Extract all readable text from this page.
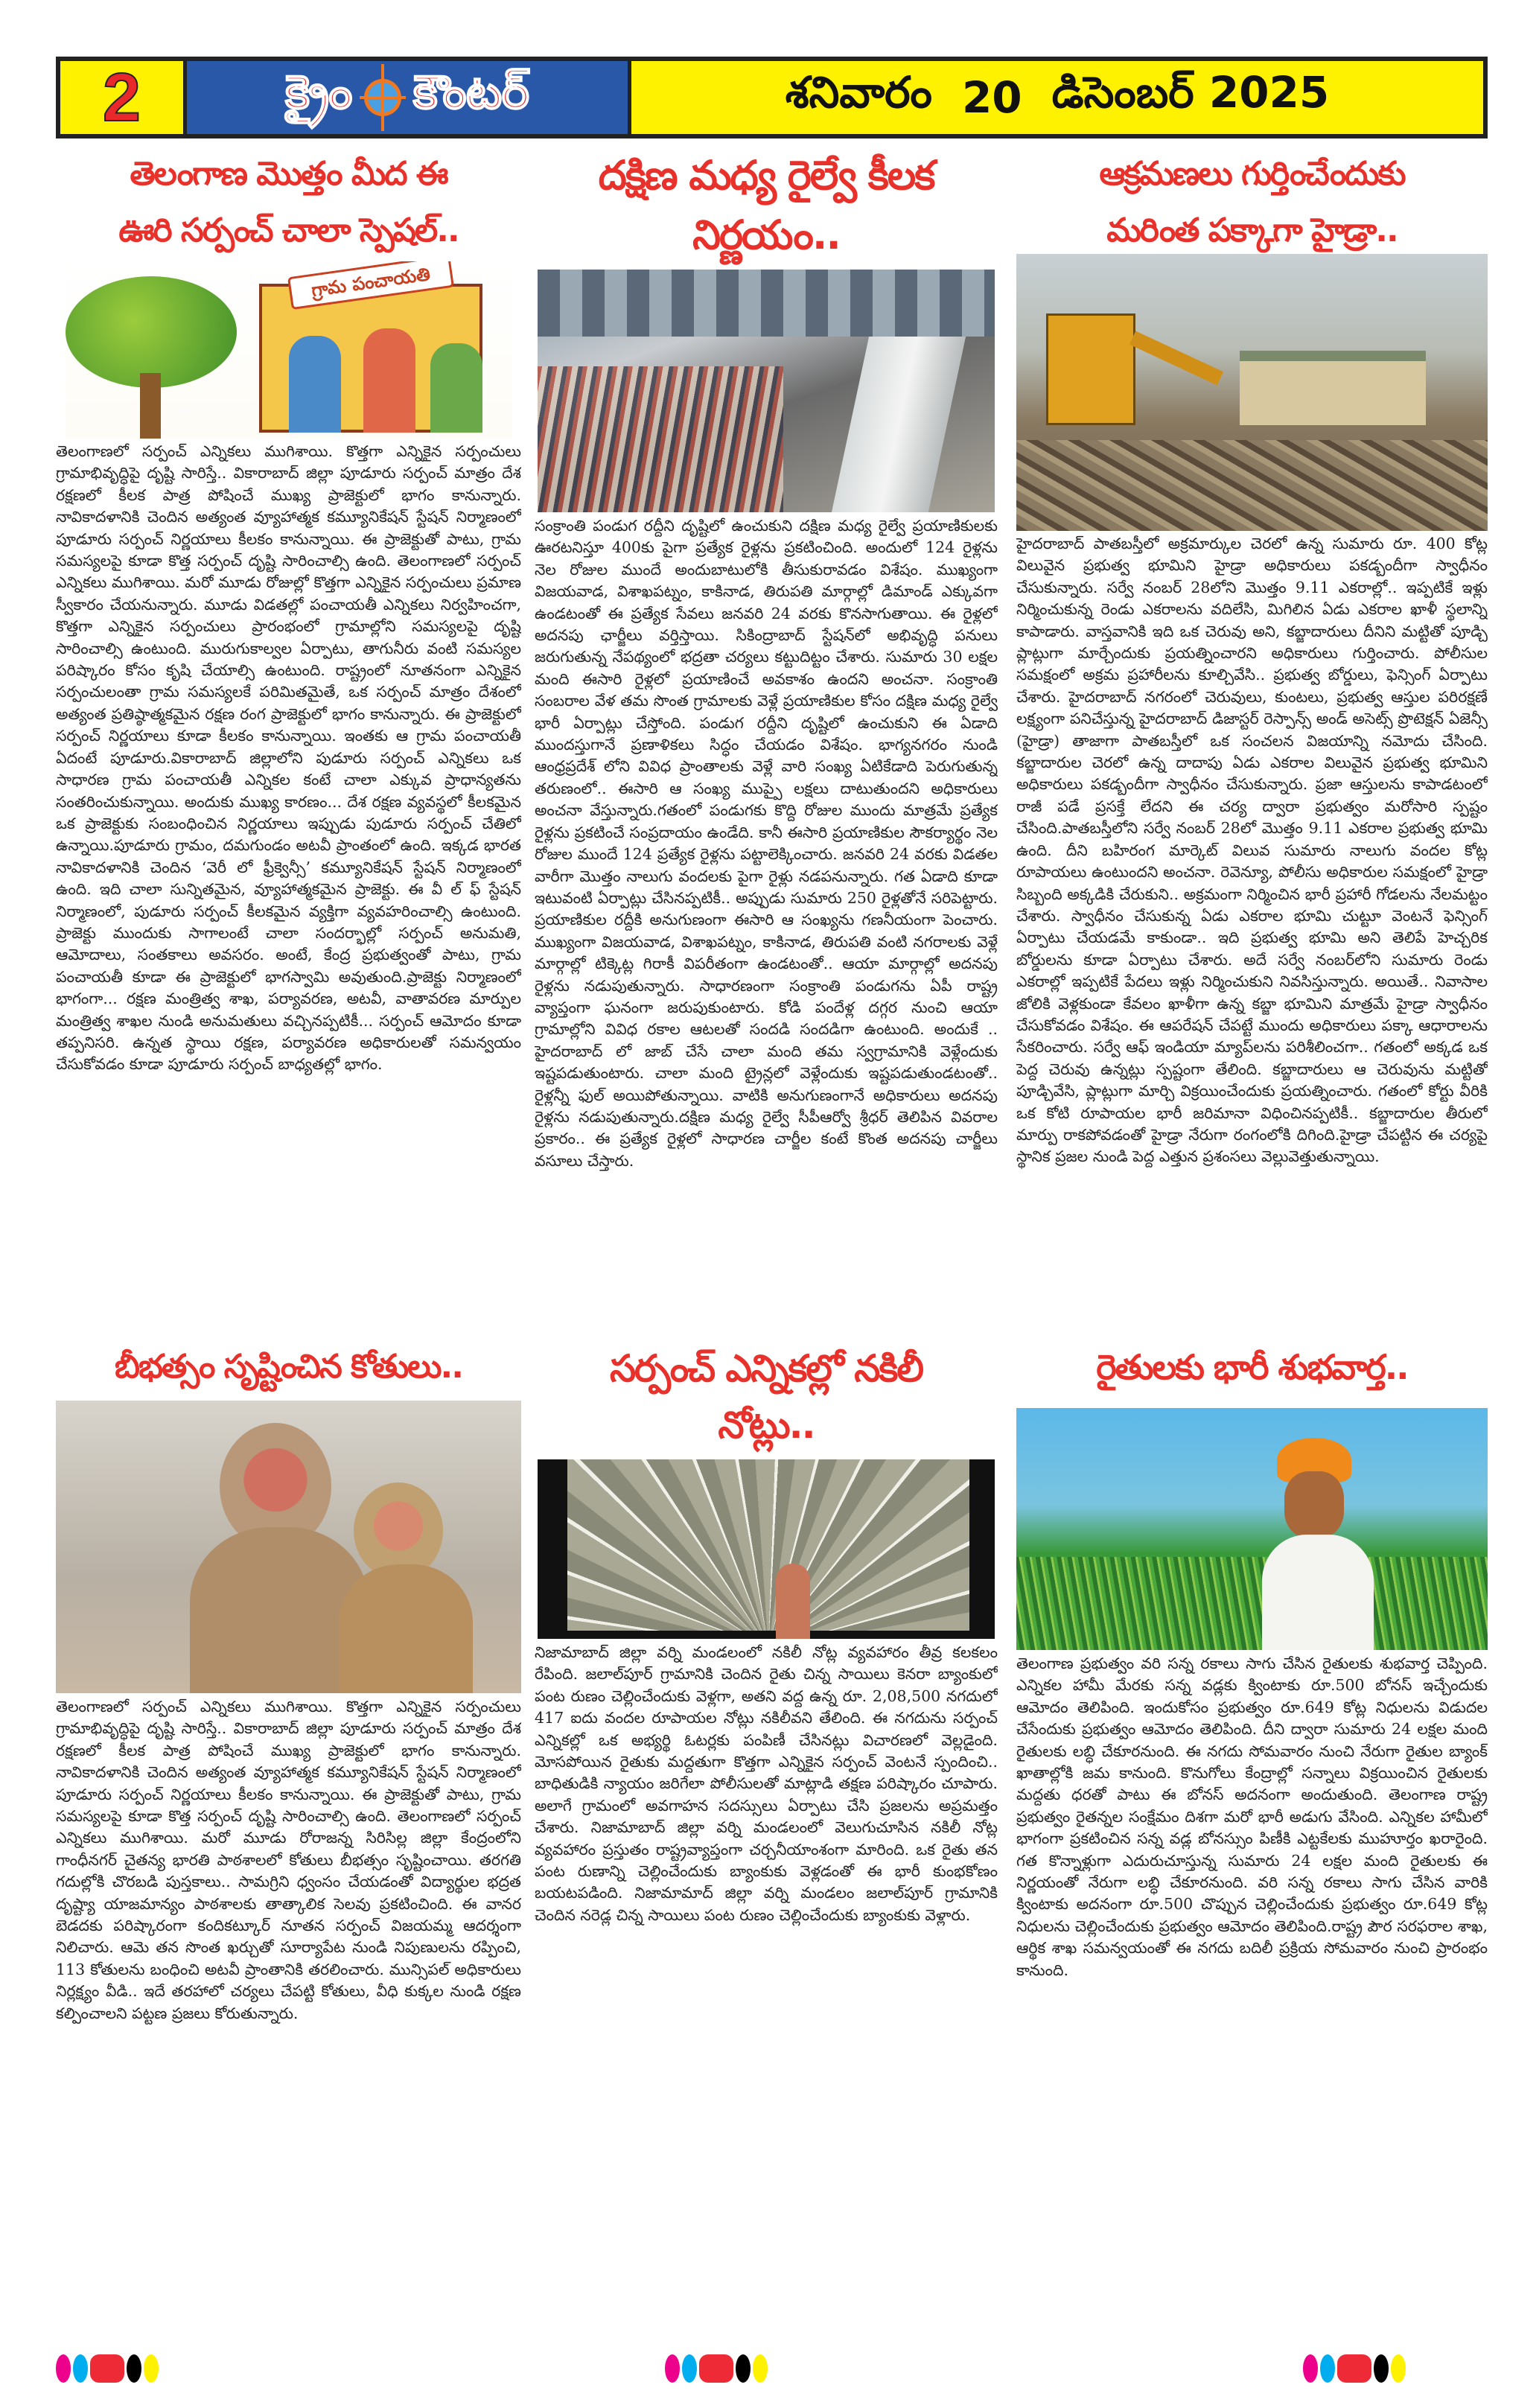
2	క్రైం కౌంటర్	శనివారం 20 డిసెంబర్ 2025
తెలంగాణ మొత్తం మీద ఈ
ఊరి సర్పంచ్ చాలా స్పెషల్..
గ్రామ పంచాయతి

తెలంగాణలో సర్పంచ్ ఎన్నికలు ముగిశాయి. కొత్తగా ఎన్నికైన సర్పంచులు గ్రామాభివృద్ధిపై దృష్టి సారిస్తే.. వికారాబాద్ జిల్లా పూడూరు సర్పంచ్ మాత్రం దేశ రక్షణలో కీలక పాత్ర పోషించే ముఖ్య ప్రాజెక్టులో భాగం కానున్నారు. నావికాదళానికి చెందిన అత్యంత వ్యూహాత్మక కమ్యూనికేషన్ స్టేషన్ నిర్మాణంలో పూడూరు సర్పంచ్ నిర్ణయాలు కీలకం కానున్నాయి. ఈ ప్రాజెక్టుతో పాటు, గ్రామ సమస్యలపై కూడా కొత్త సర్పంచ్ దృష్టి సారించాల్సి ఉంది. తెలంగాణలో సర్పంచ్ ఎన్నికలు ముగిశాయి. మరో మూడు రోజుల్లో కొత్తగా ఎన్నికైన సర్పంచులు ప్రమాణ స్వీకారం చేయనున్నారు. మూడు విడతల్లో పంచాయతీ ఎన్నికలు నిర్వహించగా, కొత్తగా ఎన్నికైన సర్పంచులు ప్రారంభంలో గ్రామాల్లోని సమస్యలపై దృష్టి సారించాల్సి ఉంటుంది. మురుగుకాల్వల ఏర్పాటు, తాగునీరు వంటి సమస్యల పరిష్కారం కోసం కృషి చేయాల్సి ఉంటుంది. రాష్ట్రంలో నూతనంగా ఎన్నికైన సర్పంచులంతా గ్రామ సమస్యలకే పరిమితమైతే, ఒక సర్పంచ్ మాత్రం దేశంలో అత్యంత ప్రతిష్ఠాత్మకమైన రక్షణ రంగ ప్రాజెక్టులో భాగం కానున్నారు. ఈ ప్రాజెక్టులో సర్పంచ్ నిర్ణయాలు కూడా కీలకం కానున్నాయి. ఇంతకు ఆ గ్రామ పంచాయతీ ఏదంటే పూడూరు.వికారాబాద్ జిల్లాలోని పుడూరు సర్పంచ్ ఎన్నికలు ఒక సాధారణ గ్రామ పంచాయతీ ఎన్నికల కంటే చాలా ఎక్కువ ప్రాధాన్యతను సంతరించుకున్నాయి. అందుకు ముఖ్య కారణం... దేశ రక్షణ వ్యవస్థలో కీలకమైన ఒక ప్రాజెక్టుకు సంబంధించిన నిర్ణయాలు ఇప్పుడు పుడూరు సర్పంచ్ చేతిలో ఉన్నాయి.పూడూరు గ్రామం, దమగుండం అటవీ ప్రాంతంలో ఉంది. ఇక్కడ భారత నావికాదళానికి చెందిన ‘వెరీ లో ఫ్రీక్వెన్సీ’ కమ్యూనికేషన్ స్టేషన్ నిర్మాణంలో ఉంది. ఇది చాలా సున్నితమైన, వ్యూహాత్మకమైన ప్రాజెక్టు. ఈ వీ ల్ ఫ్ స్టేషన్ నిర్మాణంలో, పుడూరు సర్పంచ్ కీలకమైన వ్యక్తిగా వ్యవహరించాల్సి ఉంటుంది. ప్రాజెక్టు ముందుకు సాగాలంటే చాలా సందర్భాల్లో సర్పంచ్ అనుమతి, ఆమోదాలు, సంతకాలు అవసరం. అంటే, కేంద్ర ప్రభుత్వంతో పాటు, గ్రామ పంచాయతీ కూడా ఈ ప్రాజెక్టులో భాగస్వామి అవుతుంది.ప్రాజెక్టు నిర్మాణంలో భాగంగా... రక్షణ మంత్రిత్వ శాఖ, పర్యావరణ, అటవీ, వాతావరణ మార్పుల మంత్రిత్వ శాఖల నుండి అనుమతులు వచ్చినప్పటికీ... సర్పంచ్ ఆమోదం కూడా తప్పనిసరి. ఉన్నత స్థాయి రక్షణ, పర్యావరణ అధికారులతో సమన్వయం చేసుకోవడం కూడా పూడూరు సర్పంచ్ బాధ్యతల్లో భాగం.

దక్షిణ మధ్య రైల్వే కీలక
నిర్ణయం..

సంక్రాంతి పండుగ రద్దీని దృష్టిలో ఉంచుకుని దక్షిణ మధ్య రైల్వే ప్రయాణికులకు ఊరటనిస్తూ 400కు పైగా ప్రత్యేక రైళ్లను ప్రకటించింది. అందులో 124 రైళ్లను నెల రోజుల ముందే అందుబాటులోకి తీసుకురావడం విశేషం. ముఖ్యంగా విజయవాడ, విశాఖపట్నం, కాకినాడ, తిరుపతి మార్గాల్లో డిమాండ్ ఎక్కువగా ఉండటంతో ఈ ప్రత్యేక సేవలు జనవరి 24 వరకు కొనసాగుతాయి. ఈ రైళ్లలో అదనపు ఛార్జీలు వర్తిస్తాయి. సికింద్రాబాద్ స్టేషన్‌లో అభివృద్ధి పనులు జరుగుతున్న నేపథ్యంలో భద్రతా చర్యలు కట్టుదిట్టం చేశారు. సుమారు 30 లక్షల మంది ఈసారి రైళ్లలో ప్రయాణించే అవకాశం ఉందని అంచనా. సంక్రాంతి సంబరాల వేళ తమ సొంత గ్రామాలకు వెళ్లే ప్రయాణికుల కోసం దక్షిణ మధ్య రైల్వే భారీ ఏర్పాట్లు చేస్తోంది. పండుగ రద్దీని దృష్టిలో ఉంచుకుని ఈ ఏడాది ముందస్తుగానే ప్రణాళికలు సిద్ధం చేయడం విశేషం. భాగ్యనగరం నుండి ఆంధ్రప్రదేశ్ లోని వివిధ ప్రాంతాలకు వెళ్లే వారి సంఖ్య ఏటికేడాది పెరుగుతున్న తరుణంలో.. ఈసారి ఆ సంఖ్య ముప్పై లక్షలు దాటుతుందని అధికారులు అంచనా వేస్తున్నారు.గతంలో పండుగకు కొద్ది రోజుల ముందు మాత్రమే ప్రత్యేక రైళ్లను ప్రకటించే సంప్రదాయం ఉండేది. కానీ ఈసారి ప్రయాణికుల సౌకర్యార్థం నెల రోజుల ముందే 124 ప్రత్యేక రైళ్లను పట్టాలెక్కించారు. జనవరి 24 వరకు విడతల వారీగా మొత్తం నాలుగు వందలకు పైగా రైళ్లు నడపనున్నారు. గత ఏడాది కూడా ఇటువంటి ఏర్పాట్లు చేసినప్పటికీ.. అప్పుడు సుమారు 250 రైళ్లతోనే సరిపెట్టారు. ప్రయాణికుల రద్దీకి అనుగుణంగా ఈసారి ఆ సంఖ్యను గణనీయంగా పెంచారు. ముఖ్యంగా విజయవాడ, విశాఖపట్నం, కాకినాడ, తిరుపతి వంటి నగరాలకు వెళ్లే మార్గాల్లో టిక్కెట్ల గిరాకీ విపరీతంగా ఉండటంతో.. ఆయా మార్గాల్లో అదనపు రైళ్లను నడుపుతున్నారు. సాధారణంగా సంక్రాంతి పండుగను ఏపీ రాష్ట్ర వ్యాప్తంగా ఘనంగా జరుపుకుంటారు. కోడి పందేళ్ల దగ్గర నుంచి ఆయా గ్రామాల్లోని వివిధ రకాల ఆటలతో సందడి సందడిగా ఉంటుంది. అందుకే .. హైదరాబాద్ లో జాబ్ చేసే చాలా మంది తమ స్వగ్రామానికి వెళ్లేందుకు ఇష్టపడుతుంటారు. చాలా మంది ట్రైన్లలో వెళ్లేందుకు ఇష్టపడుతుండటంతో.. రైళ్లన్నీ ఫుల్ అయిపోతున్నాయి. వాటికి అనుగుణంగానే అధికారులు అదనపు రైళ్లను నడుపుతున్నారు.దక్షిణ మధ్య రైల్వే సీపీఆర్వో శ్రీధర్ తెలిపిన వివరాల ప్రకారం.. ఈ ప్రత్యేక రైళ్లలో సాధారణ చార్జీల కంటే కొంత అదనపు చార్జీలు వసూలు చేస్తారు.

ఆక్రమణలు గుర్తించేందుకు
మరింత పక్కాగా హైడ్రా..

హైదరాబాద్ పాతబస్తీలో అక్రమార్కుల చెరలో ఉన్న సుమారు రూ. 400 కోట్ల విలువైన ప్రభుత్వ భూమిని హైడ్రా అధికారులు పకడ్బందీగా స్వాధీనం చేసుకున్నారు. సర్వే నంబర్ 28లోని మొత్తం 9.11 ఎకరాల్లో.. ఇప్పటికే ఇళ్లు నిర్మించుకున్న రెండు ఎకరాలను వదిలేసి, మిగిలిన ఏడు ఎకరాల ఖాళీ స్థలాన్ని కాపాడారు. వాస్తవానికి ఇది ఒక చెరువు అని, కబ్జాదారులు దీనిని మట్టితో పూడ్చి ప్లాట్లుగా మార్చేందుకు ప్రయత్నించారని అధికారులు గుర్తించారు. పోలీసుల సమక్షంలో అక్రమ ప్రహారీలను కూల్చివేసి.. ప్రభుత్వ బోర్డులు, ఫెన్సింగ్ ఏర్పాటు చేశారు. హైదరాబాద్ నగరంలో చెరువులు, కుంటలు, ప్రభుత్వ ఆస్తుల పరిరక్షణే లక్ష్యంగా పనిచేస్తున్న హైదరాబాద్ డిజాస్టర్ రెస్పాన్స్ అండ్ అసెట్స్ ప్రొటెక్షన్ ఏజెన్సీ (హైడ్రా) తాజాగా పాతబస్తీలో ఒక సంచలన విజయాన్ని నమోదు చేసింది. కబ్జాదారుల చెరలో ఉన్న దాదాపు ఏడు ఎకరాల విలువైన ప్రభుత్వ భూమిని అధికారులు పకడ్బందీగా స్వాధీనం చేసుకున్నారు. ప్రజా ఆస్తులను కాపాడటంలో రాజీ పడే ప్రసక్తే లేదని ఈ చర్య ద్వారా ప్రభుత్వం మరోసారి స్పష్టం చేసింది.పాతబస్తీలోని సర్వే నంబర్ 28లో మొత్తం 9.11 ఎకరాల ప్రభుత్వ భూమి ఉంది. దీని బహిరంగ మార్కెట్ విలువ సుమారు నాలుగు వందల కోట్ల రూపాయలు ఉంటుందని అంచనా. రెవెన్యూ, పోలీసు అధికారుల సమక్షంలో హైడ్రా సిబ్బంది అక్కడికి చేరుకుని.. అక్రమంగా నిర్మించిన భారీ ప్రహారీ గోడలను నేలమట్టం చేశారు. స్వాధీనం చేసుకున్న ఏడు ఎకరాల భూమి చుట్టూ వెంటనే ఫెన్సింగ్ ఏర్పాటు చేయడమే కాకుండా.. ఇది ప్రభుత్వ భూమి అని తెలిపే హెచ్చరిక బోర్డులను కూడా ఏర్పాటు చేశారు. అదే సర్వే నంబర్‌లోని సుమారు రెండు ఎకరాల్లో ఇప్పటికే పేదలు ఇళ్లు నిర్మించుకుని నివసిస్తున్నారు. అయితే.. నివాసాల జోలికి వెళ్లకుండా కేవలం ఖాళీగా ఉన్న కబ్జా భూమిని మాత్రమే హైడ్రా స్వాధీనం చేసుకోవడం విశేషం. ఈ ఆపరేషన్ చేపట్టే ముందు అధికారులు పక్కా ఆధారాలను సేకరించారు. సర్వే ఆఫ్ ఇండియా మ్యాప్‌లను పరిశీలించగా.. గతంలో అక్కడ ఒక పెద్ద చెరువు ఉన్నట్లు స్పష్టంగా తేలింది. కబ్జాదారులు ఆ చెరువును మట్టితో పూడ్చివేసి, ప్లాట్లుగా మార్చి విక్రయించేందుకు ప్రయత్నించారు. గతంలో కోర్టు వీరికి ఒక కోటి రూపాయల భారీ జరిమానా విధించినప్పటికీ.. కబ్జాదారుల తీరులో మార్పు రాకపోవడంతో హైడ్రా నేరుగా రంగంలోకి దిగింది.హైడ్రా చేపట్టిన ఈ చర్యపై స్థానిక ప్రజల నుండి పెద్ద ఎత్తున ప్రశంసలు వెల్లువెత్తుతున్నాయి.

బీభత్సం సృష్టించిన కోతులు..

తెలంగాణలో సర్పంచ్ ఎన్నికలు ముగిశాయి. కొత్తగా ఎన్నికైన సర్పంచులు గ్రామాభివృద్ధిపై దృష్టి సారిస్తే.. వికారాబాద్ జిల్లా పూడూరు సర్పంచ్ మాత్రం దేశ రక్షణలో కీలక పాత్ర పోషించే ముఖ్య ప్రాజెక్టులో భాగం కానున్నారు. నావికాదళానికి చెందిన అత్యంత వ్యూహాత్మక కమ్యూనికేషన్ స్టేషన్ నిర్మాణంలో పూడూరు సర్పంచ్ నిర్ణయాలు కీలకం కానున్నాయి. ఈ ప్రాజెక్టుతో పాటు, గ్రామ సమస్యలపై కూడా కొత్త సర్పంచ్ దృష్టి సారించాల్సి ఉంది. తెలంగాణలో సర్పంచ్ ఎన్నికలు ముగిశాయి. మరో మూడు రోరాజన్న సిరిసిల్ల జిల్లా కేంద్రంలోని గాంధీనగర్ చైతన్య భారతి పాఠశాలలో కోతులు బీభత్సం సృష్టించాయి. తరగతి గదుల్లోకి చొరబడి పుస్తకాలు.. సామగ్రిని ధ్వంసం చేయడంతో విద్యార్థుల భద్రత దృష్ట్యా యాజమాన్యం పాఠశాలకు తాత్కాలిక సెలవు ప్రకటించింది. ఈ వానర బెడదకు పరిష్కారంగా కందికట్కూర్ నూతన సర్పంచ్ విజయమ్మ ఆదర్శంగా నిలిచారు. ఆమె తన సొంత ఖర్చుతో సూర్యాపేట నుండి నిపుణులను రప్పించి, 113 కోతులను బంధించి అటవీ ప్రాంతానికి తరలించారు. మున్సిపల్ అధికారులు నిర్లక్ష్యం వీడి.. ఇదే తరహాలో చర్యలు చేపట్టి కోతులు, వీధి కుక్కల నుండి రక్షణ కల్పించాలని పట్టణ ప్రజలు కోరుతున్నారు.

సర్పంచ్ ఎన్నికల్లో నకిలీ
నోట్లు..

నిజామాబాద్ జిల్లా వర్ని మండలంలో నకిలీ నోట్ల వ్యవహారం తీవ్ర కలకలం రేపింది. జలాల్‌పూర్ గ్రామానికి చెందిన రైతు చిన్న సాయిలు కెనరా బ్యాంకులో పంట రుణం చెల్లించేందుకు వెళ్లగా, అతని వద్ద ఉన్న రూ. 2,08,500 నగదులో 417 ఐదు వందల రూపాయల నోట్లు నకిలీవని తేలింది. ఈ నగదును సర్పంచ్ ఎన్నికల్లో ఒక అభ్యర్థి ఓటర్లకు పంపిణీ చేసినట్లు విచారణలో వెల్లడైంది. మోసపోయిన రైతుకు మద్దతుగా కొత్తగా ఎన్నికైన సర్పంచ్ వెంటనే స్పందించి.. బాధితుడికి న్యాయం జరిగేలా పోలీసులతో మాట్లాడి తక్షణ పరిష్కారం చూపారు. అలాగే గ్రామంలో అవగాహన సదస్సులు ఏర్పాటు చేసి ప్రజలను అప్రమత్తం చేశారు. నిజామాబాద్ జిల్లా వర్ని మండలంలో వెలుగుచూసిన నకిలీ నోట్ల వ్యవహారం ప్రస్తుతం రాష్ట్రవ్యాప్తంగా చర్చనీయాంశంగా మారింది. ఒక రైతు తన పంట రుణాన్ని చెల్లించేందుకు బ్యాంకుకు వెళ్లడంతో ఈ భారీ కుంభకోణం బయటపడింది. నిజామామాద్ జిల్లా వర్ని మండలం జలాల్‌పూర్ గ్రామానికి చెందిన నరెడ్ల చిన్న సాయిలు పంట రుణం చెల్లించేందుకు బ్యాంకుకు వెళ్లారు.

రైతులకు భారీ శుభవార్త..

తెలంగాణ ప్రభుత్వం వరి సన్న రకాలు సాగు చేసిన రైతులకు శుభవార్త చెప్పింది. ఎన్నికల హామీ మేరకు సన్న వడ్లకు క్వింటాకు రూ.500 బోనస్ ఇచ్చేందుకు ఆమోదం తెలిపింది. ఇందుకోసం ప్రభుత్వం రూ.649 కోట్ల నిధులను విడుదల చేసేందుకు ప్రభుత్వం ఆమోదం తెలిపింది. దీని ద్వారా సుమారు 24 లక్షల మంది రైతులకు లబ్ధి చేకూరనుంది. ఈ నగదు సోమవారం నుంచి నేరుగా రైతుల బ్యాంక్ ఖాతాల్లోకి జమ కానుంది. కొనుగోలు కేంద్రాల్లో సన్నాలు విక్రయించిన రైతులకు మద్దతు ధరతో పాటు ఈ బోనస్ అదనంగా అందుతుంది. తెలంగాణ రాష్ట్ర ప్రభుత్వం రైతన్నల సంక్షేమం దిశగా మరో భారీ అడుగు వేసింది. ఎన్నికల హామీలో భాగంగా ప్రకటించిన సన్న వడ్ల బోనస్సుం పిణీకి ఎట్టకేలకు ముహూర్తం ఖరారైంది. గత కొన్నాళ్లుగా ఎదురుచూస్తున్న సుమారు 24 లక్షల మంది రైతులకు ఈ నిర్ణయంతో నేరుగా లబ్ధి చేకూరనుంది. వరి సన్న రకాలు సాగు చేసిన వారికి క్వింటాకు అదనంగా రూ.500 చొప్పున చెల్లించేందుకు ప్రభుత్వం రూ.649 కోట్ల నిధులను చెల్లించేందుకు ప్రభుత్వం ఆమోదం తెలిపింది.రాష్ట్ర పౌర సరఫరాల శాఖ, ఆర్థిక శాఖ సమన్వయంతో ఈ నగదు బదిలీ ప్రక్రియ సోమవారం నుంచి ప్రారంభం కానుంది.
